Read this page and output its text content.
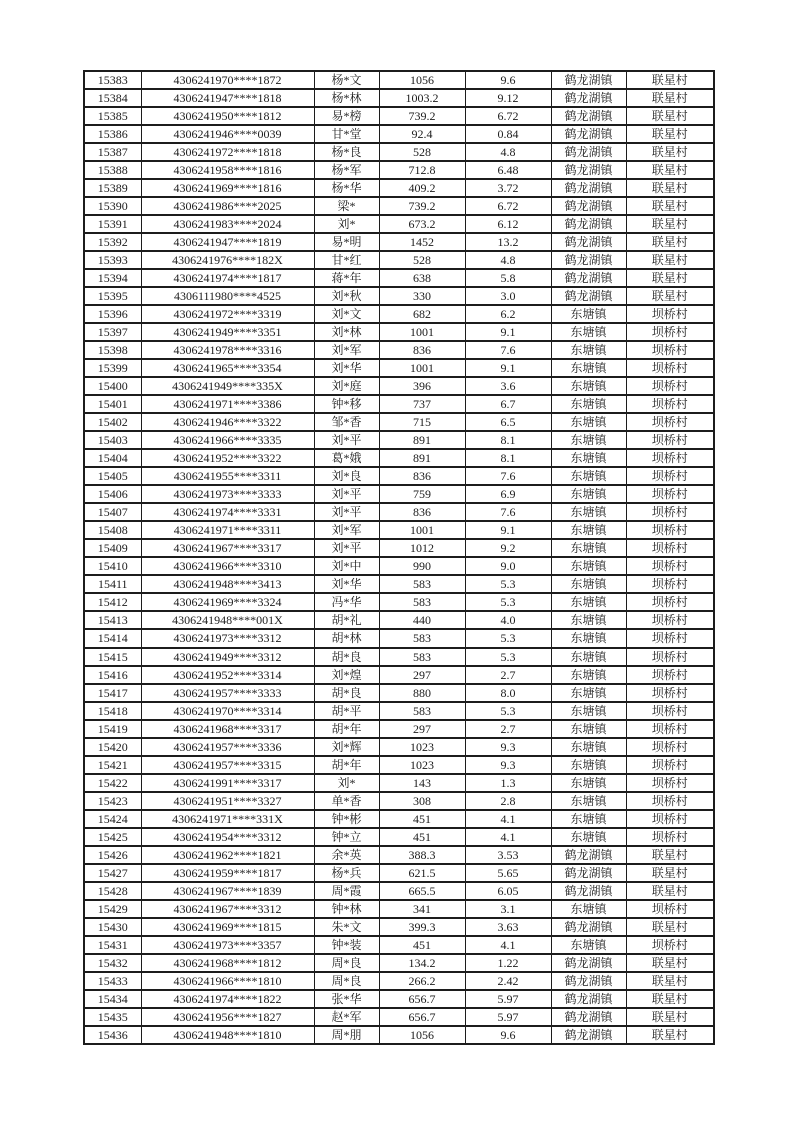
15383	4306241970****1872	杨*文	1056	9.6	鹤龙湖镇	联星村
15384	4306241947****1818	杨*林	1003.2	9.12	鹤龙湖镇	联星村
15385	4306241950****1812	易*榜	739.2	6.72	鹤龙湖镇	联星村
15386	4306241946****0039	甘*堂	92.4	0.84	鹤龙湖镇	联星村
15387	4306241972****1818	杨*良	528	4.8	鹤龙湖镇	联星村
15388	4306241958****1816	杨*军	712.8	6.48	鹤龙湖镇	联星村
15389	4306241969****1816	杨*华	409.2	3.72	鹤龙湖镇	联星村
15390	4306241986****2025	梁*	739.2	6.72	鹤龙湖镇	联星村
15391	4306241983****2024	刘*	673.2	6.12	鹤龙湖镇	联星村
15392	4306241947****1819	易*明	1452	13.2	鹤龙湖镇	联星村
15393	4306241976****182X	甘*红	528	4.8	鹤龙湖镇	联星村
15394	4306241974****1817	蒋*年	638	5.8	鹤龙湖镇	联星村
15395	4306111980****4525	刘*秋	330	3.0	鹤龙湖镇	联星村
15396	4306241972****3319	刘*文	682	6.2	东塘镇	坝桥村
15397	4306241949****3351	刘*林	1001	9.1	东塘镇	坝桥村
15398	4306241978****3316	刘*军	836	7.6	东塘镇	坝桥村
15399	4306241965****3354	刘*华	1001	9.1	东塘镇	坝桥村
15400	4306241949****335X	刘*庭	396	3.6	东塘镇	坝桥村
15401	4306241971****3386	钟*移	737	6.7	东塘镇	坝桥村
15402	4306241946****3322	邹*香	715	6.5	东塘镇	坝桥村
15403	4306241966****3335	刘*平	891	8.1	东塘镇	坝桥村
15404	4306241952****3322	葛*娥	891	8.1	东塘镇	坝桥村
15405	4306241955****3311	刘*良	836	7.6	东塘镇	坝桥村
15406	4306241973****3333	刘*平	759	6.9	东塘镇	坝桥村
15407	4306241974****3331	刘*平	836	7.6	东塘镇	坝桥村
15408	4306241971****3311	刘*军	1001	9.1	东塘镇	坝桥村
15409	4306241967****3317	刘*平	1012	9.2	东塘镇	坝桥村
15410	4306241966****3310	刘*中	990	9.0	东塘镇	坝桥村
15411	4306241948****3413	刘*华	583	5.3	东塘镇	坝桥村
15412	4306241969****3324	冯*华	583	5.3	东塘镇	坝桥村
15413	4306241948****001X	胡*礼	440	4.0	东塘镇	坝桥村
15414	4306241973****3312	胡*林	583	5.3	东塘镇	坝桥村
15415	4306241949****3312	胡*良	583	5.3	东塘镇	坝桥村
15416	4306241952****3314	刘*煌	297	2.7	东塘镇	坝桥村
15417	4306241957****3333	胡*良	880	8.0	东塘镇	坝桥村
15418	4306241970****3314	胡*平	583	5.3	东塘镇	坝桥村
15419	4306241968****3317	胡*年	297	2.7	东塘镇	坝桥村
15420	4306241957****3336	刘*辉	1023	9.3	东塘镇	坝桥村
15421	4306241957****3315	胡*年	1023	9.3	东塘镇	坝桥村
15422	4306241991****3317	刘*	143	1.3	东塘镇	坝桥村
15423	4306241951****3327	单*香	308	2.8	东塘镇	坝桥村
15424	4306241971****331X	钟*彬	451	4.1	东塘镇	坝桥村
15425	4306241954****3312	钟*立	451	4.1	东塘镇	坝桥村
15426	4306241962****1821	余*英	388.3	3.53	鹤龙湖镇	联星村
15427	4306241959****1817	杨*兵	621.5	5.65	鹤龙湖镇	联星村
15428	4306241967****1839	周*霞	665.5	6.05	鹤龙湖镇	联星村
15429	4306241967****3312	钟*林	341	3.1	东塘镇	坝桥村
15430	4306241969****1815	朱*文	399.3	3.63	鹤龙湖镇	联星村
15431	4306241973****3357	钟*装	451	4.1	东塘镇	坝桥村
15432	4306241968****1812	周*良	134.2	1.22	鹤龙湖镇	联星村
15433	4306241966****1810	周*良	266.2	2.42	鹤龙湖镇	联星村
15434	4306241974****1822	张*华	656.7	5.97	鹤龙湖镇	联星村
15435	4306241956****1827	赵*军	656.7	5.97	鹤龙湖镇	联星村
15436	4306241948****1810	周*朋	1056	9.6	鹤龙湖镇	联星村
